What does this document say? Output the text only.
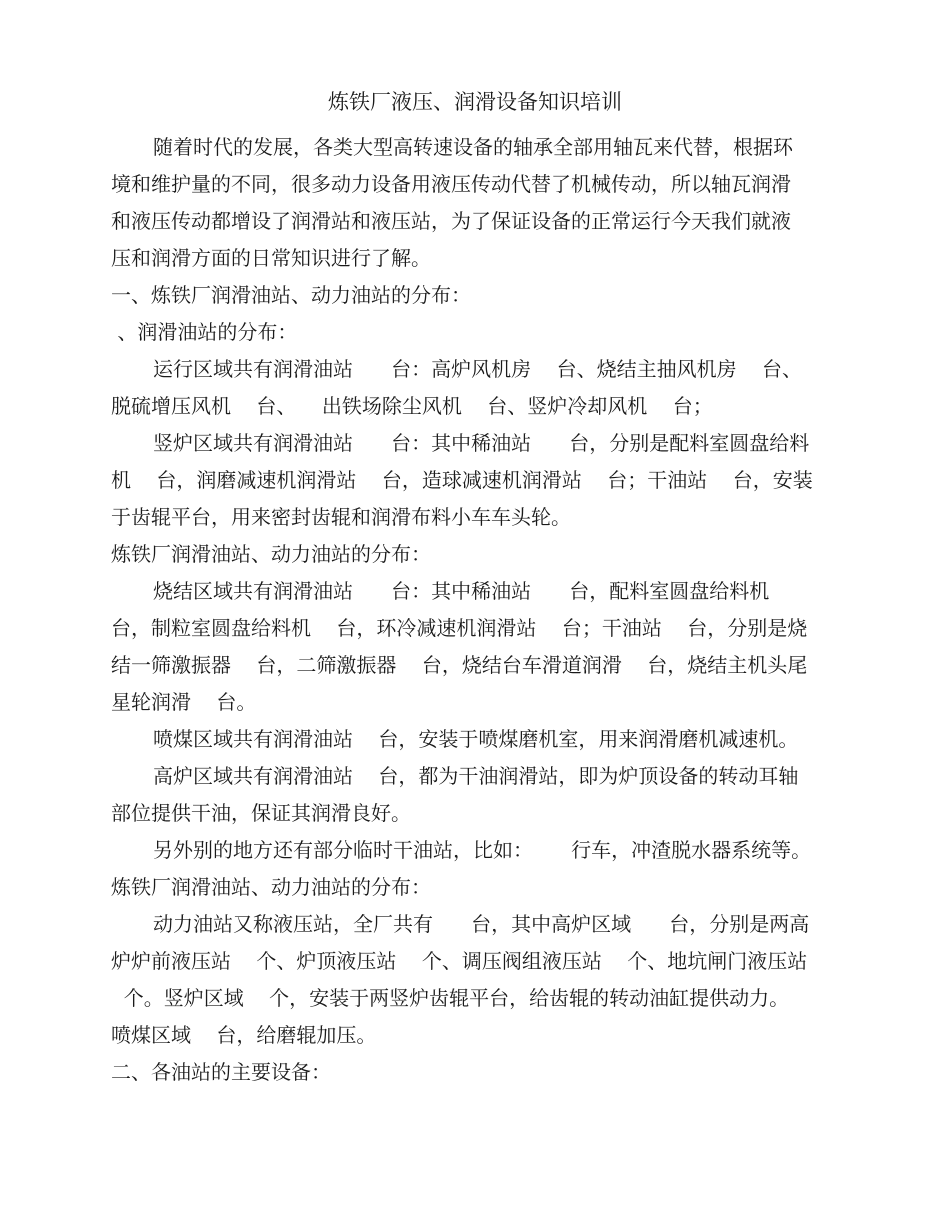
炼铁厂液压、润滑设备知识培训
随着时代的发展，各类大型高转速设备的轴承全部用轴瓦来代替，根据环
境和维护量的不同，很多动力设备用液压传动代替了机械传动，所以轴瓦润滑
和液压传动都增设了润滑站和液压站，为了保证设备的正常运行今天我们就液
压和润滑方面的日常知识进行了解。
一、炼铁厂润滑油站、动力油站的分布：
、润滑油站的分布：
运行区域共有润滑油站      台：高炉风机房    台、烧结主抽风机房    台、
脱硫增压风机    台、    出铁场除尘风机    台、竖炉冷却风机    台；
竖炉区域共有润滑油站      台：其中稀油站      台，分别是配料室圆盘给料
机    台，润磨减速机润滑站    台，造球减速机润滑站    台；干油站    台，安装
于齿辊平台，用来密封齿辊和润滑布料小车车头轮。
炼铁厂润滑油站、动力油站的分布：
烧结区域共有润滑油站      台：其中稀油站      台，配料室圆盘给料机
台，制粒室圆盘给料机    台，环冷减速机润滑站    台；干油站    台，分别是烧
结一筛激振器    台，二筛激振器    台，烧结台车滑道润滑    台，烧结主机头尾
星轮润滑    台。
喷煤区域共有润滑油站    台，安装于喷煤磨机室，用来润滑磨机减速机。
高炉区域共有润滑油站    台，都为干油润滑站，即为炉顶设备的转动耳轴
部位提供干油，保证其润滑良好。
另外别的地方还有部分临时干油站，比如：      行车，冲渣脱水器系统等。
炼铁厂润滑油站、动力油站的分布：
动力油站又称液压站，全厂共有      台，其中高炉区域      台，分别是两高
炉炉前液压站    个、炉顶液压站    个、调压阀组液压站    个、地坑闸门液压站
个。竖炉区域    个，安装于两竖炉齿辊平台，给齿辊的转动油缸提供动力。
喷煤区域    台，给磨辊加压。
二、各油站的主要设备：
